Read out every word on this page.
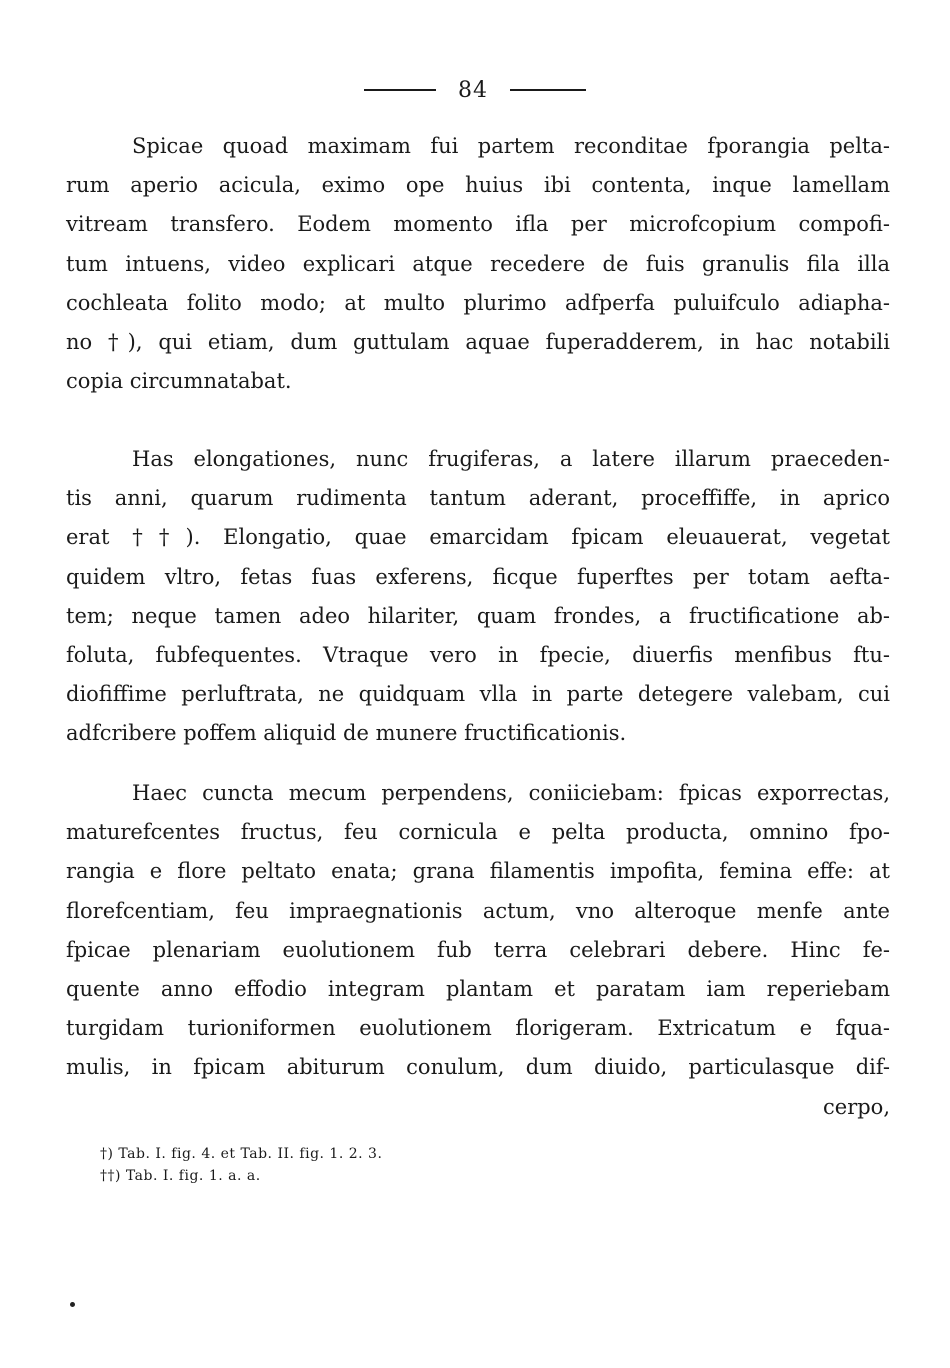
84
Spicae quoad maximam fui partem reconditae fporangia pelta-
rum aperio acicula, eximo ope huius ibi contenta, inque lamellam
vitream transfero. Eodem momento ifla per microfcopium compofi-
tum intuens, video explicari atque recedere de fuis granulis fila illa
cochleata folito modo; at multo plurimo adfperfa puluifculo adiapha-
no †), qui etiam, dum guttulam aquae fuperadderem, in hac notabili
copia circumnatabat.
Has elongationes, nunc frugiferas, a latere illarum praeceden-
tis anni, quarum rudimenta tantum aderant, proceffiffe, in aprico
erat ††). Elongatio, quae emarcidam fpicam eleuauerat, vegetat
quidem vltro, fetas fuas exferens, ficque fuperftes per totam aefta-
tem; neque tamen adeo hilariter, quam frondes, a fructificatione ab-
foluta, fubfequentes. Vtraque vero in fpecie, diuerfis menfibus ftu-
diofiffime perluftrata, ne quidquam vlla in parte detegere valebam, cui
adfcribere poffem aliquid de munere fructificationis.
Haec cuncta mecum perpendens, coniiciebam: fpicas exporrectas,
maturefcentes fructus, feu cornicula e pelta producta, omnino fpo-
rangia e flore peltato enata; grana filamentis impofita, femina effe: at
florefcentiam, feu impraegnationis actum, vno alteroque menfe ante
fpicae plenariam euolutionem fub terra celebrari debere. Hinc fe-
quente anno effodio integram plantam et paratam iam reperiebam
turgidam turioniformen euolutionem florigeram. Extricatum e fqua-
mulis, in fpicam abiturum conulum, dum diuido, particulasque dif-
cerpo,
†) Tab. I. fig. 4. et Tab. II. fig. 1. 2. 3.
††) Tab. I. fig. 1. a. a.
